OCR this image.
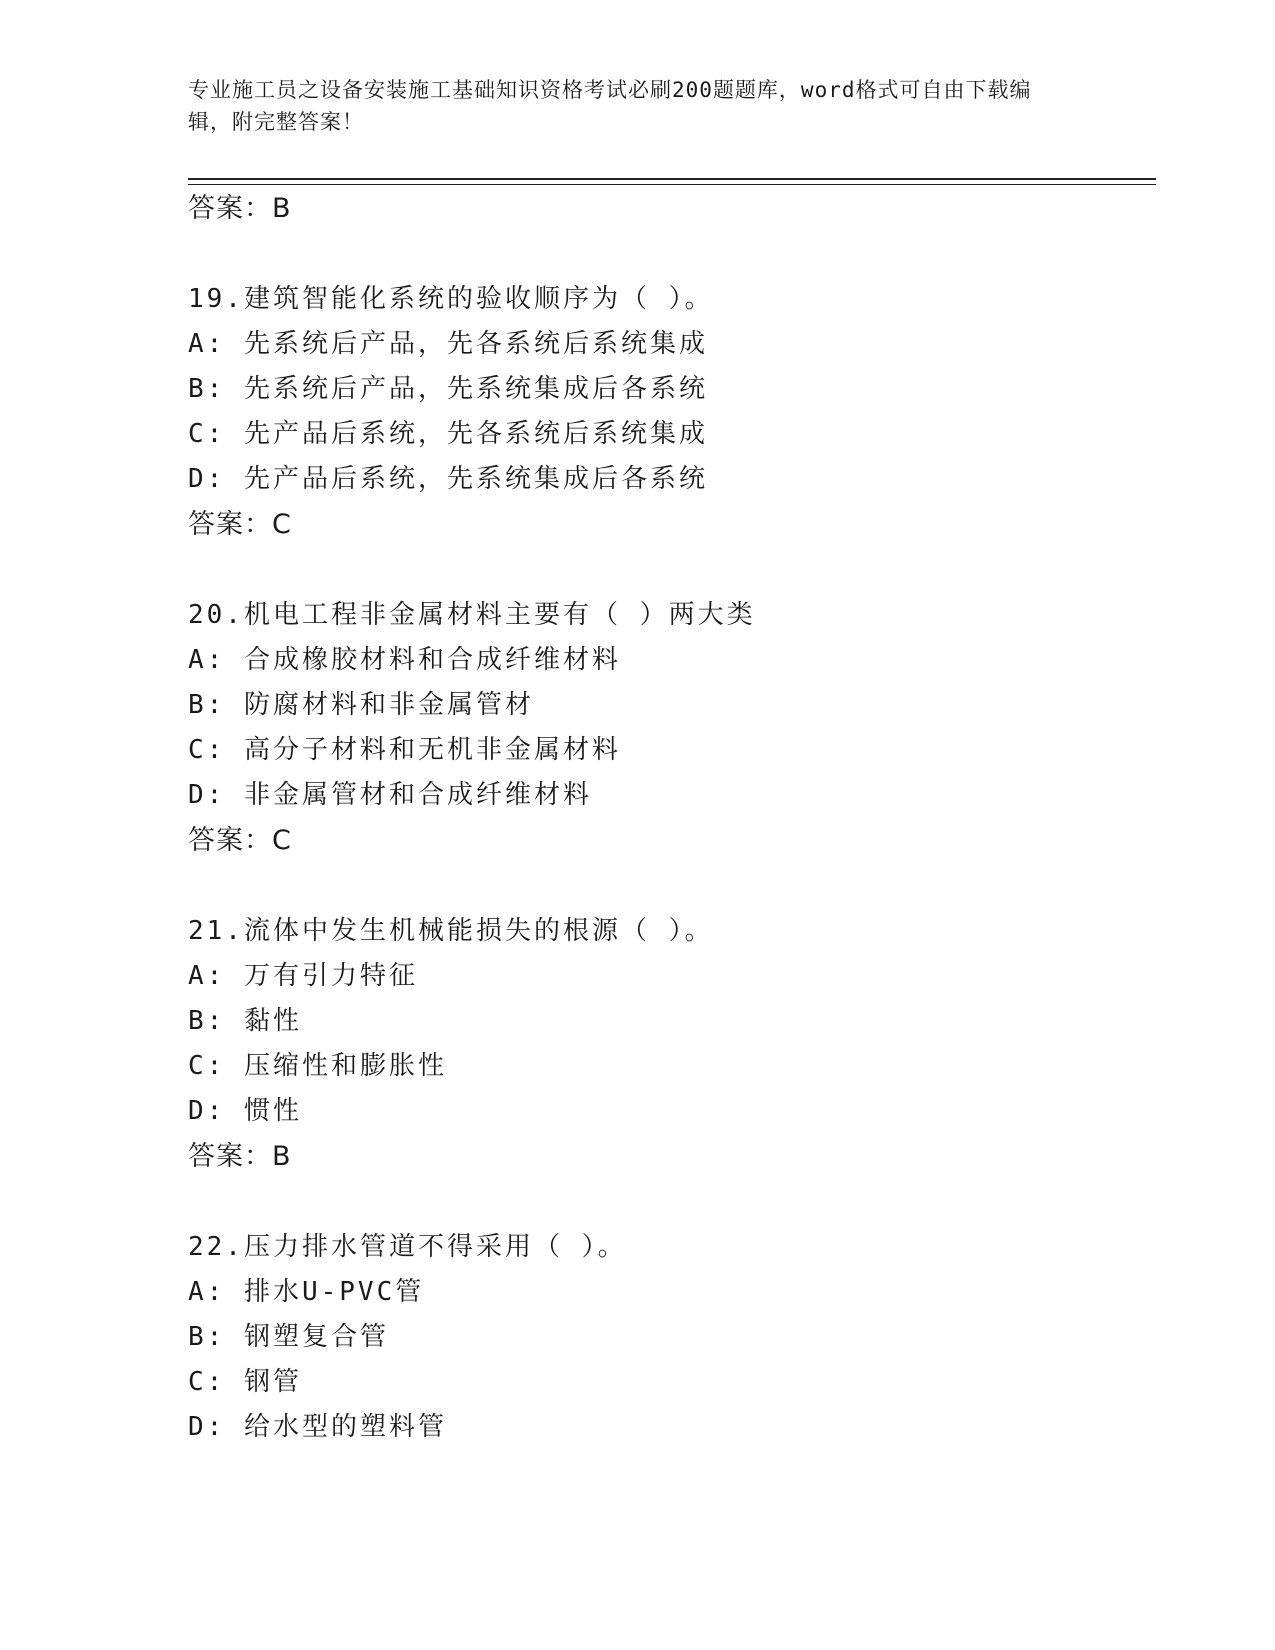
专业施工员之设备安装施工基础知识资格考试必刷200题题库，word格式可自由下载编辑，附完整答案！
答案：B
19.建筑智能化系统的验收顺序为（ ）。
A: 先系统后产品，先各系统后系统集成
B: 先系统后产品，先系统集成后各系统
C: 先产品后系统，先各系统后系统集成
D: 先产品后系统，先系统集成后各系统
答案：C
20.机电工程非金属材料主要有（ ）两大类
A: 合成橡胶材料和合成纤维材料
B: 防腐材料和非金属管材
C: 高分子材料和无机非金属材料
D: 非金属管材和合成纤维材料
答案：C
21.流体中发生机械能损失的根源（ ）。
A: 万有引力特征
B: 黏性
C: 压缩性和膨胀性
D: 惯性
答案：B
22.压力排水管道不得采用（ ）。
A: 排水U-PVC管
B: 钢塑复合管
C: 钢管
D: 给水型的塑料管
